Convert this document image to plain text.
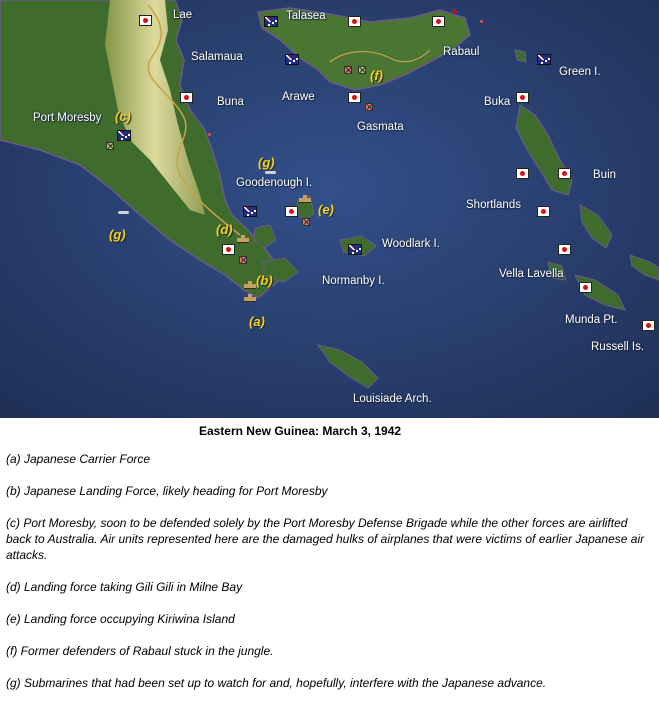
Lae	Talasea
Salamaua	Rabaul
Green I.
Arawe
Buna
Gasmata
Buka
Port Moresby
Buin
Goodenough I.
Shortlands
Woodlark I.
Normanby I.
Vella Lavella
Munda Pt.
Russell Is.
Louisiade Arch.
(a)
(b)
(c)
(d)
(e)
(f)
(g)
(g)
✈
Eastern New Guinea: March 3, 1942
(a) Japanese Carrier Force
(b) Japanese Landing Force, likely heading for Port Moresby
(c) Port Moresby, soon to be defended solely by the Port Moresby Defense Brigade while the other forces are airlifted back to Australia. Air units represented here are the damaged hulks of airplanes that were victims of earlier Japanese air attacks.
(d) Landing force taking Gili Gili in Milne Bay
(e) Landing force occupying Kiriwina Island
(f) Former defenders of Rabaul stuck in the jungle.
(g) Submarines that had been set up to watch for and, hopefully, interfere with the Japanese advance.
